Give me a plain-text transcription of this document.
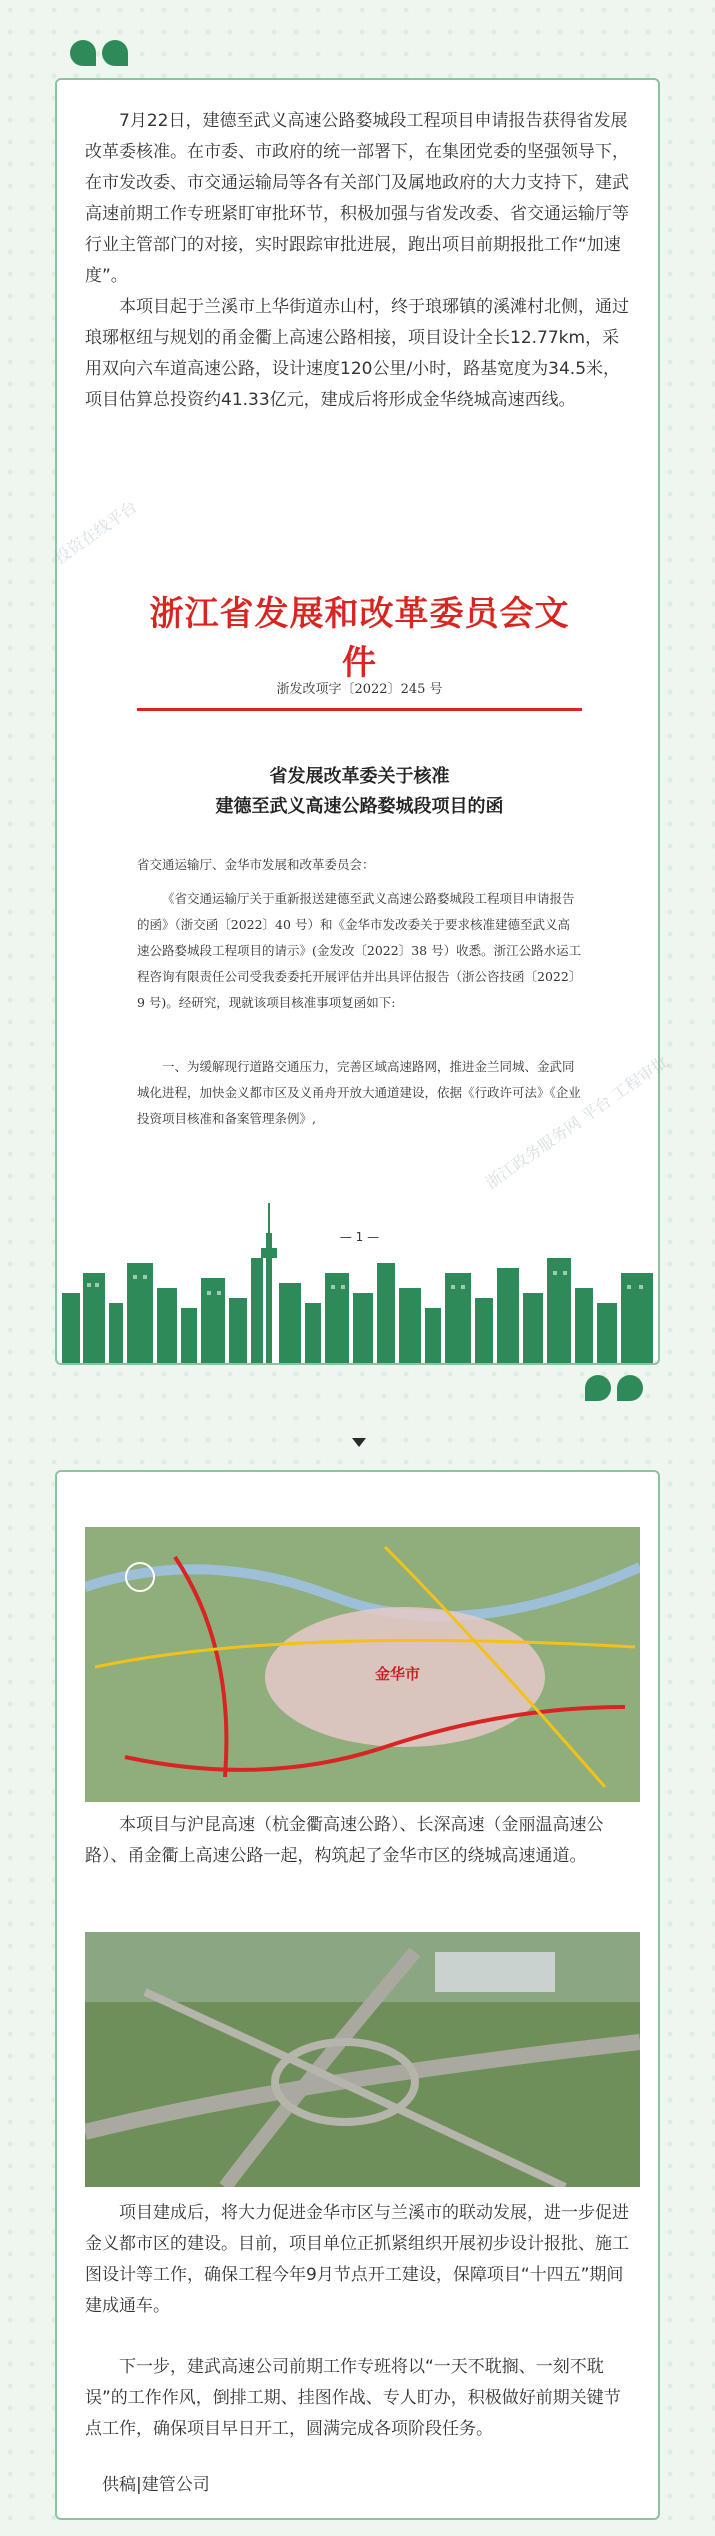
7月22日，建德至武义高速公路婺城段工程项目申请报告获得省发展改革委核准。在市委、市政府的统一部署下，在集团党委的坚强领导下，在市发改委、市交通运输局等各有关部门及属地政府的大力支持下，建武高速前期工作专班紧盯审批环节，积极加强与省发改委、省交通运输厅等行业主管部门的对接，实时跟踪审批进展，跑出项目前期报批工作“加速度”。

本项目起于兰溪市上华街道赤山村，终于琅琊镇的溪滩村北侧，通过琅琊枢纽与规划的甬金衢上高速公路相接，项目设计全长12.77km，采用双向六车道高速公路，设计速度120公里/小时，路基宽度为34.5米，项目估算总投资约41.33亿元，建成后将形成金华绕城高速西线。

投资在线平台
浙江省发展和改革委员会文件
浙发改项字〔2022〕245 号
省发展改革委关于核准
建德至武义高速公路婺城段项目的函

省交通运输厅、金华市发展和改革委员会：

《省交通运输厅关于重新报送建德至武义高速公路婺城段工程项目申请报告的函》（浙交函〔2022〕40 号）和《金华市发改委关于要求核准建德至武义高速公路婺城段工程项目的请示》(金发改〔2022〕38 号）收悉。浙江公路水运工程咨询有限责任公司受我委委托开展评估并出具评估报告（浙公咨技函〔2022〕9 号)。经研究，现就该项目核准事项复函如下:

一、为缓解现行道路交通压力，完善区域高速路网，推进金兰同城、金武同城化进程，加快金义都市区及义甬舟开放大通道建设，依据《行政许可法》《企业投资项目核准和备案管理条例》,

— 1 —
浙江政务服务网 平台 工程审批
金华市

本项目与沪昆高速（杭金衢高速公路）、长深高速（金丽温高速公路）、甬金衢上高速公路一起，构筑起了金华市区的绕城高速通道。

项目建成后，将大力促进金华市区与兰溪市的联动发展，进一步促进金义都市区的建设。目前，项目单位正抓紧组织开展初步设计报批、施工图设计等工作，确保工程今年9月节点开工建设，保障项目“十四五”期间建成通车。

下一步，建武高速公司前期工作专班将以“一天不耽搁、一刻不耽误”的工作作风，倒排工期、挂图作战、专人盯办，积极做好前期关键节点工作，确保项目早日开工，圆满完成各项阶段任务。

供稿|建管公司
